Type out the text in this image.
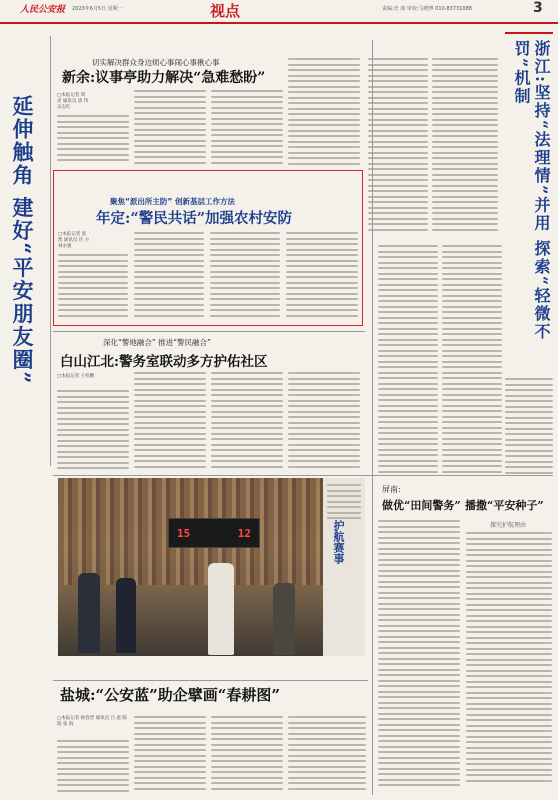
人民公安报 2023年6月5日 星期一	视点	责编:史 康 审校:马晓博 010-83731088	3
延伸触角 建好“平安朋友圈”
切实解决群众身边烦心事闹心事揪心事
新余:议事亭助力解决“急难愁盼”
□本报记者 周 亮 通讯员 唐 伟 吴志红
聚焦“派出所主防” 创新基层工作方法
年定:“警民共话”加强农村安防
□本报记者 张 凯 通讯员 许 方 刘永强
深化“警地融合” 推进“警民融合”
白山江北:警务室联动多方护佑社区
□本报记者 王梓鹏
浙江:坚持“法理情”并用 探索“轻微不罚”机制
15	12	护航赛事
屏南:
做优“田间警务” 播撒“平安种子”
探究护航理由
盐城:“公安蓝”助企擘画“春耕图”
□本报记者 杨春晋 通讯员 吕 庭 陈 阳 张 海
